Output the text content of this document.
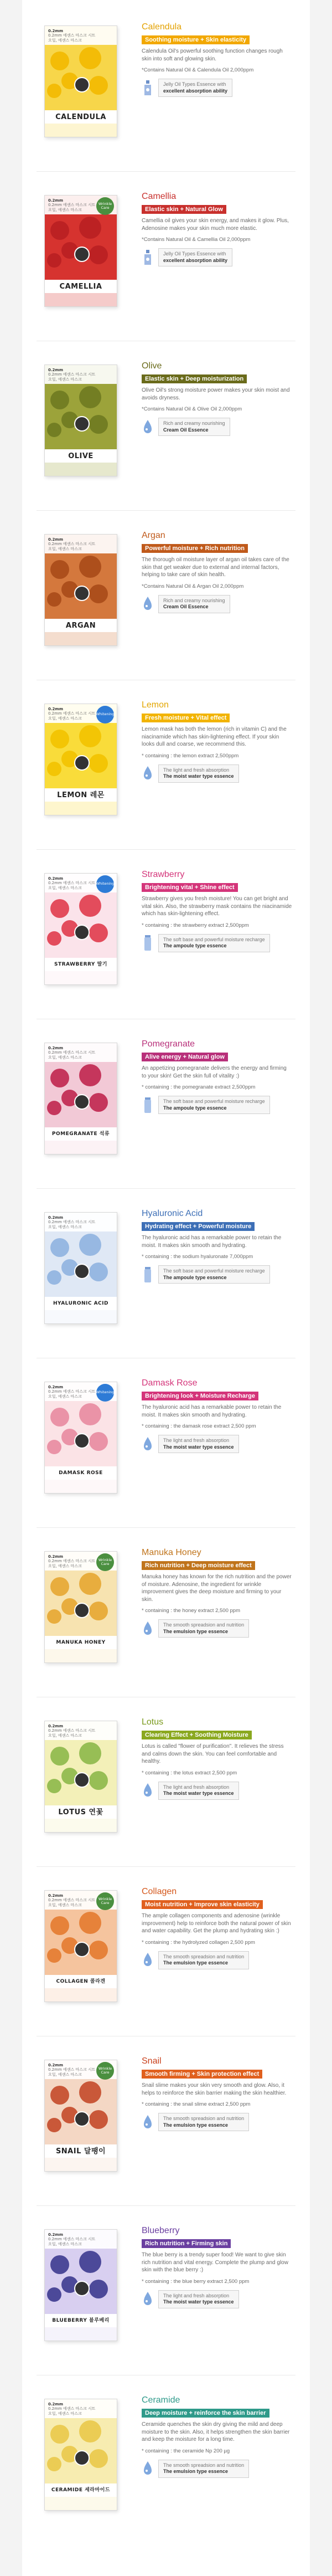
0.2mm
0.2mm 에센스 마스크 시트
오일, 에센스 마스크
CALENDULA
Calendula
Soothing moisture + Skin elasticity

Calendula Oil's powerful soothing function changes rough skin into soft and glowing skin.

*Contains Natural Oil & Calendula Oil 2,000ppm

Jelly Oil Types Essence with
excellent absorption ability
0.2mm
0.2mm 에센스 마스크 시트
오일, 에센스 마스크
CAMELLIA
Wrinkle Care
Camellia
Elastic skin + Natural Glow

Camellia oil gives your skin energy, and makes it glow. Plus, Adenosine makes your skin much more elastic.

*Contains Natural Oil & Camellia Oil 2,000ppm

Jelly Oil Types Essence with
excellent absorption ability
0.2mm
0.2mm 에센스 마스크 시트
오일, 에센스 마스크
OLIVE
Olive
Elastic skin + Deep moisturization

Olive Oil's strong moisture power makes your skin moist and avoids dryness.

*Contains Natural Oil & Olive Oil 2,000ppm

Rich and creamy nourishing
Cream Oil Essence
0.2mm
0.2mm 에센스 마스크 시트
오일, 에센스 마스크
ARGAN
Argan
Powerful moisture + Rich nutrition

The thorough oil moisture layer of argan oil takes care of the skin that get weaker due to external and internal factors, helping to take care of skin health.

*Contains Natural Oil & Argan Oil 2,000ppm

Rich and creamy nourishing
Cream Oil Essence
0.2mm
0.2mm 에센스 마스크 시트
오일, 에센스 마스크
LEMON 레몬
Whitening
Lemon
Fresh moisture + Vital effect

Lemon mask has both the lemon (rich in vitamin C) and the niacinamide which has skin-lightening effect. If your skin looks dull and coarse, we recommend this.

* containing : the lemon extract 2,500ppm

The light and fresh absorption
The moist water type essence
0.2mm
0.2mm 에센스 마스크 시트
오일, 에센스 마스크
STRAWBERRY 딸기
Whitening
Strawberry
Brightening vital + Shine effect

Strawberry gives you fresh moisture! You can get bright and vital skin. Also, the strawberry mask contains the niacinamide which has skin-lightening effect.

* containing : the strawberry extract 2,500ppm

The soft base and powerful moisture recharge
The ampoule type essence
0.2mm
0.2mm 에센스 마스크 시트
오일, 에센스 마스크
POMEGRANATE 석류
Pomegranate
Alive energy + Natural glow

An appetizing pomegranate delivers the energy and firming to your skin! Get the skin full of vitality :)

* containing : the pomegranate extract 2,500ppm

The soft base and powerful moisture recharge
The ampoule type essence
0.2mm
0.2mm 에센스 마스크 시트
오일, 에센스 마스크
HYALURONIC ACID
Hyaluronic Acid
Hydrating effect + Powerful moisture

The hyaluronic acid has a remarkable power to retain the moist. It makes skin smooth and hydrating.

* containing : the sodium hyaluronate 7,000ppm

The soft base and powerful moisture recharge
The ampoule type essence
0.2mm
0.2mm 에센스 마스크 시트
오일, 에센스 마스크
DAMASK ROSE
Whitening
Damask Rose
Brightening look + Moisture Recharge

The hyaluronic acid has a remarkable power to retain the moist. It makes skin smooth and hydrating.

* containing : the damask rose extract 2,500 ppm

The light and fresh absorption
The moist water type essence
0.2mm
0.2mm 에센스 마스크 시트
오일, 에센스 마스크
MANUKA HONEY
Wrinkle Care
Manuka Honey
Rich nutrition + Deep moisture effect

Manuka honey has known for the rich nutrition and the power of moisture. Adenosine, the ingredient for wrinkle improvement gives the deep moisture and firming to your skin.

* containing : the honey extract 2,500 ppm

The smooth spreadsion and nutrition
The emulsion type essence
0.2mm
0.2mm 에센스 마스크 시트
오일, 에센스 마스크
LOTUS 연꽃
Lotus
Clearing Effect + Soothing Moisture

Lotus is called "flower of purification". It relieves the stress and calms down the skin. You can feel comfortable and healthy.

* containing : the lotus extract 2,500 ppm

The light and fresh absorption
The moist water type essence
0.2mm
0.2mm 에센스 마스크 시트
오일, 에센스 마스크
COLLAGEN 콜라겐
Wrinkle Care
Collagen
Moist nutrition + Improve skin elasticity

The ample collagen components and adenosine (wrinkle improvement) help to reinforce both the natural power of skin and water capability. Get the plump and hydrating skin :)

* containing : the hydrolyzed collagen 2,500 ppm

The smooth spreadsion and nutrition
The emulsion type essence
0.2mm
0.2mm 에센스 마스크 시트
오일, 에센스 마스크
SNAIL 달팽이
Wrinkle Care
Snail
Smooth firming + Skin protection effect

Snail slime makes your skin very smooth and glow. Also, it helps to reinforce the skin barrier making the skin healthier.

* containing : the snail slime extract 2,500 ppm

The smooth spreadsion and nutrition
The emulsion type essence
0.2mm
0.2mm 에센스 마스크 시트
오일, 에센스 마스크
BLUEBERRY 블루베리
Blueberry
Rich nutrition + Firming skin

The blue berry is a trendy super food! We want to give skin rich nutrition and vital energy. Complete the plump and glow skin with the blue berry :)

* containing : the blue berry extract 2,500 ppm

The light and fresh absorption
The moist water type essence
0.2mm
0.2mm 에센스 마스크 시트
오일, 에센스 마스크
CERAMIDE 세라마이드
Ceramide
Deep moisture + reinforce the skin barrier

Ceramide quenches the skin dry giving the mild and deep moisture to the skin. Also, it helps strengthen the skin barrier and keep the moisture for a long time.

* containing : the ceramide Np 200 µg

The smooth spreadsion and nutrition
The emulsion type essence
